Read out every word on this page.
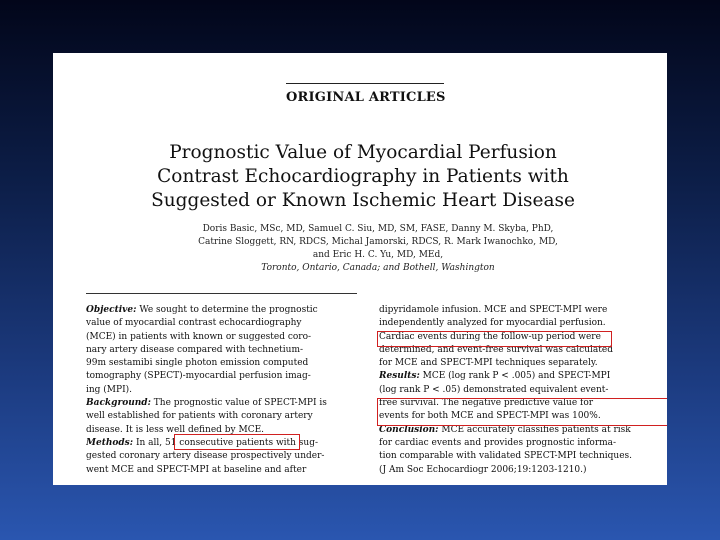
ORIGINAL ARTICLES
Prognostic Value of Myocardial Perfusion
Contrast Echocardiography in Patients with
Suggested or Known Ischemic Heart Disease
Doris Basic, MSc, MD, Samuel C. Siu, MD, SM, FASE, Danny M. Skyba, PhD,
Catrine Sloggett, RN, RDCS, Michal Jamorski, RDCS, R. Mark Iwanochko, MD,
and Eric H. C. Yu, MD, MEd,
Toronto, Ontario, Canada; and Bothell, Washington
Objective: We sought to determine the prognostic
value of myocardial contrast echocardiography
(MCE) in patients with known or suggested coro-
nary artery disease compared with technetium-
99m sestamibi single photon emission computed
tomography (SPECT)-myocardial perfusion imag-
ing (MPI).
Background: The prognostic value of SPECT-MPI is
well established for patients with coronary artery
disease. It is less well defined by MCE.
Methods: In all, 51 consecutive patients with sug-
gested coronary artery disease prospectively under-
went MCE and SPECT-MPI at baseline and after
dipyridamole infusion. MCE and SPECT-MPI were
independently analyzed for myocardial perfusion.
Cardiac events during the follow-up period were
determined, and event-free survival was calculated
for MCE and SPECT-MPI techniques separately.
Results: MCE (log rank P < .005) and SPECT-MPI
(log rank P < .05) demonstrated equivalent event-
free survival. The negative predictive value for
events for both MCE and SPECT-MPI was 100%.
Conclusion: MCE accurately classifies patients at risk
for cardiac events and provides prognostic informa-
tion comparable with validated SPECT-MPI techniques.
(J Am Soc Echocardiogr 2006;19:1203-1210.)
